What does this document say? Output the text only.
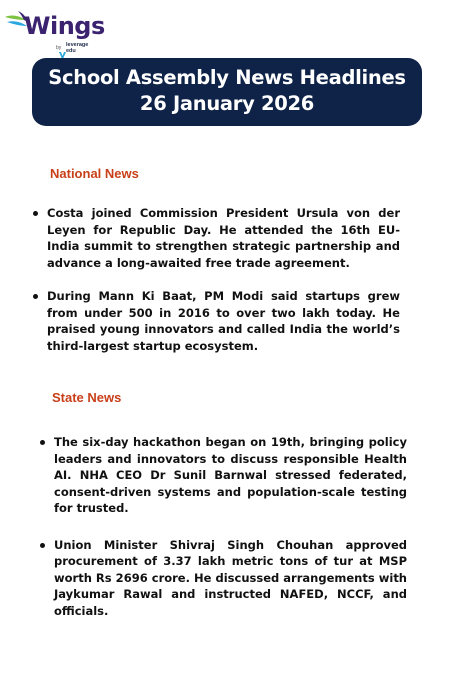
Wings
by leverage
edu
School Assembly News Headlines
26 January 2026
National News
Costa joined Commission President Ursula von der Leyen for Republic Day. He attended the 16th EU-India summit to strengthen strategic partnership and advance a long-awaited free trade agreement.
During Mann Ki Baat, PM Modi said startups grew from under 500 in 2016 to over two lakh today. He praised young innovators and called India the world’s third-largest startup ecosystem.
State News
The six-day hackathon began on 19th, bringing policy leaders and innovators to discuss responsible Health AI. NHA CEO Dr Sunil Barnwal stressed federated, consent-driven systems and population-scale testing for trusted.
Union Minister Shivraj Singh Chouhan approved procurement of 3.37 lakh metric tons of tur at MSP worth Rs 2696 crore. He discussed arrangements with Jaykumar Rawal and instructed NAFED, NCCF, and officials.
